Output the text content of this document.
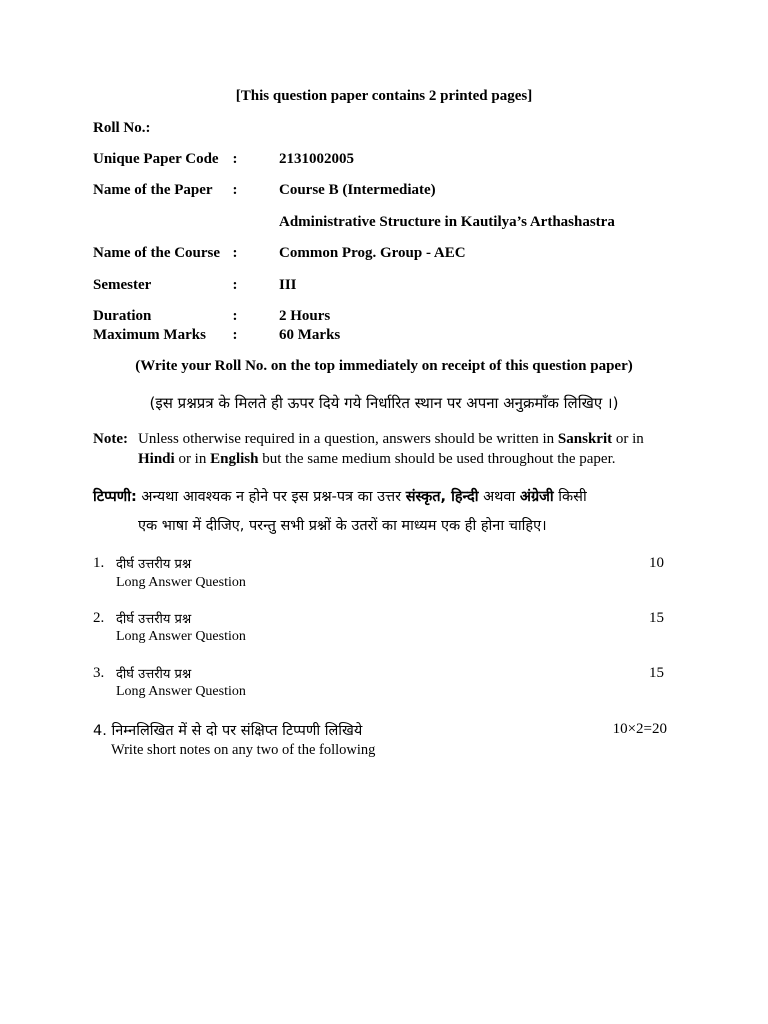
[This question paper contains 2 printed pages]
Roll No.:
Unique Paper Code :	2131002005
Name of the Paper :	Course B (Intermediate)
Administrative Structure in Kautilya’s Arthashastra
Name of the Course :	Common Prog. Group - AEC
Semester	:	III
Duration	:	2 Hours
Maximum Marks :	60 Marks
(Write your Roll No. on the top immediately on receipt of this question paper)
(इस प्रश्नप्रत्र के मिलते ही ऊपर दिये गये निर्धारित स्थान पर अपना अनुक्रमाँक लिखिए ।)
Note: Unless otherwise required in a question, answers should be written in Sanskrit or in
Hindi or in English but the same medium should be used throughout the paper.
टिप्पणी: अन्यथा आवश्यक न होने पर इस प्रश्न-पत्र का उत्तर संस्कृत, हिन्दी अथवा अंग्रेजी किसी
एक भाषा में दीजिए, परन्तु सभी प्रश्नों के उतरों का माध्यम एक ही होना चाहिए।
1. दीर्घ उत्तरीय प्रश्न
Long Answer Question
10
2. दीर्घ उत्तरीय प्रश्न
Long Answer Question
15
3. दीर्घ उत्तरीय प्रश्न
Long Answer Question
15
4. निम्नलिखित में से दो पर संक्षिप्त टिप्पणी लिखिये
Write short notes on any two of the following
10×2=20
